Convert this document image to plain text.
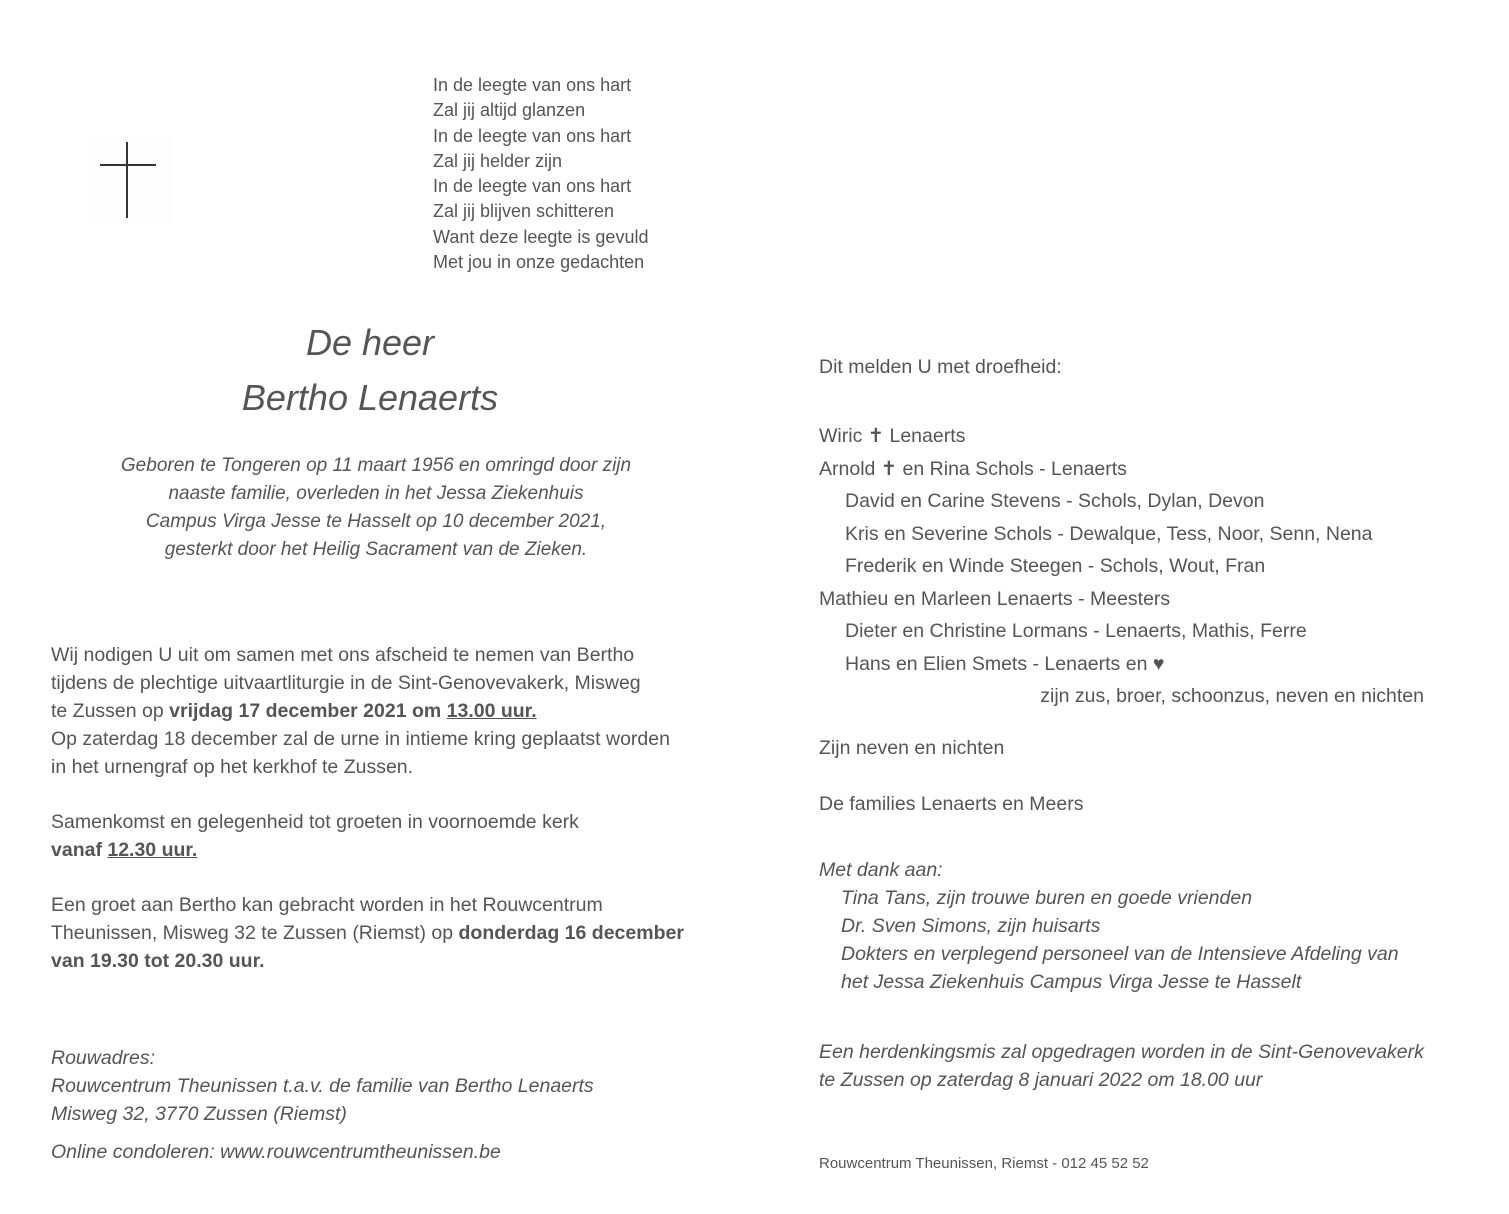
In de leegte van ons hart
Zal jij altijd glanzen
In de leegte van ons hart
Zal jij helder zijn
In de leegte van ons hart
Zal jij blijven schitteren
Want deze leegte is gevuld
Met jou in onze gedachten
De heer
Bertho Lenaerts
Geboren te Tongeren op 11 maart 1956 en omringd door zijn
naaste familie, overleden in het Jessa Ziekenhuis
Campus Virga Jesse te Hasselt op 10 december 2021,
gesterkt door het Heilig Sacrament van de Zieken.
Wij nodigen U uit om samen met ons afscheid te nemen van Bertho
tijdens de plechtige uitvaartliturgie in de Sint-Genovevakerk, Misweg
te Zussen op vrijdag 17 december 2021 om 13.00 uur.
Op zaterdag 18 december zal de urne in intieme kring geplaatst worden
in het urnengraf op het kerkhof te Zussen.
Samenkomst en gelegenheid tot groeten in voornoemde kerk
vanaf 12.30 uur.
Een groet aan Bertho kan gebracht worden in het Rouwcentrum
Theunissen, Misweg 32 te Zussen (Riemst) op donderdag 16 december
van 19.30 tot 20.30 uur.
Rouwadres:
Rouwcentrum Theunissen t.a.v. de familie van Bertho Lenaerts
Misweg 32, 3770 Zussen (Riemst)
Online condoleren: www.rouwcentrumtheunissen.be
Dit melden U met droefheid:
Wiric ✝ Lenaerts
Arnold ✝ en Rina Schols - Lenaerts
David en Carine Stevens - Schols, Dylan, Devon
Kris en Severine Schols - Dewalque, Tess, Noor, Senn, Nena
Frederik en Winde Steegen - Schols, Wout, Fran
Mathieu en Marleen Lenaerts - Meesters
Dieter en Christine Lormans - Lenaerts, Mathis, Ferre
Hans en Elien Smets - Lenaerts en ♥
zijn zus, broer, schoonzus, neven en nichten
Zijn neven en nichten
De families Lenaerts en Meers
Met dank aan:
Tina Tans, zijn trouwe buren en goede vrienden
Dr. Sven Simons, zijn huisarts
Dokters en verplegend personeel van de Intensieve Afdeling van
het Jessa Ziekenhuis Campus Virga Jesse te Hasselt
Een herdenkingsmis zal opgedragen worden in de Sint-Genovevakerk
te Zussen op zaterdag 8 januari 2022 om 18.00 uur
Rouwcentrum Theunissen, Riemst - 012 45 52 52
